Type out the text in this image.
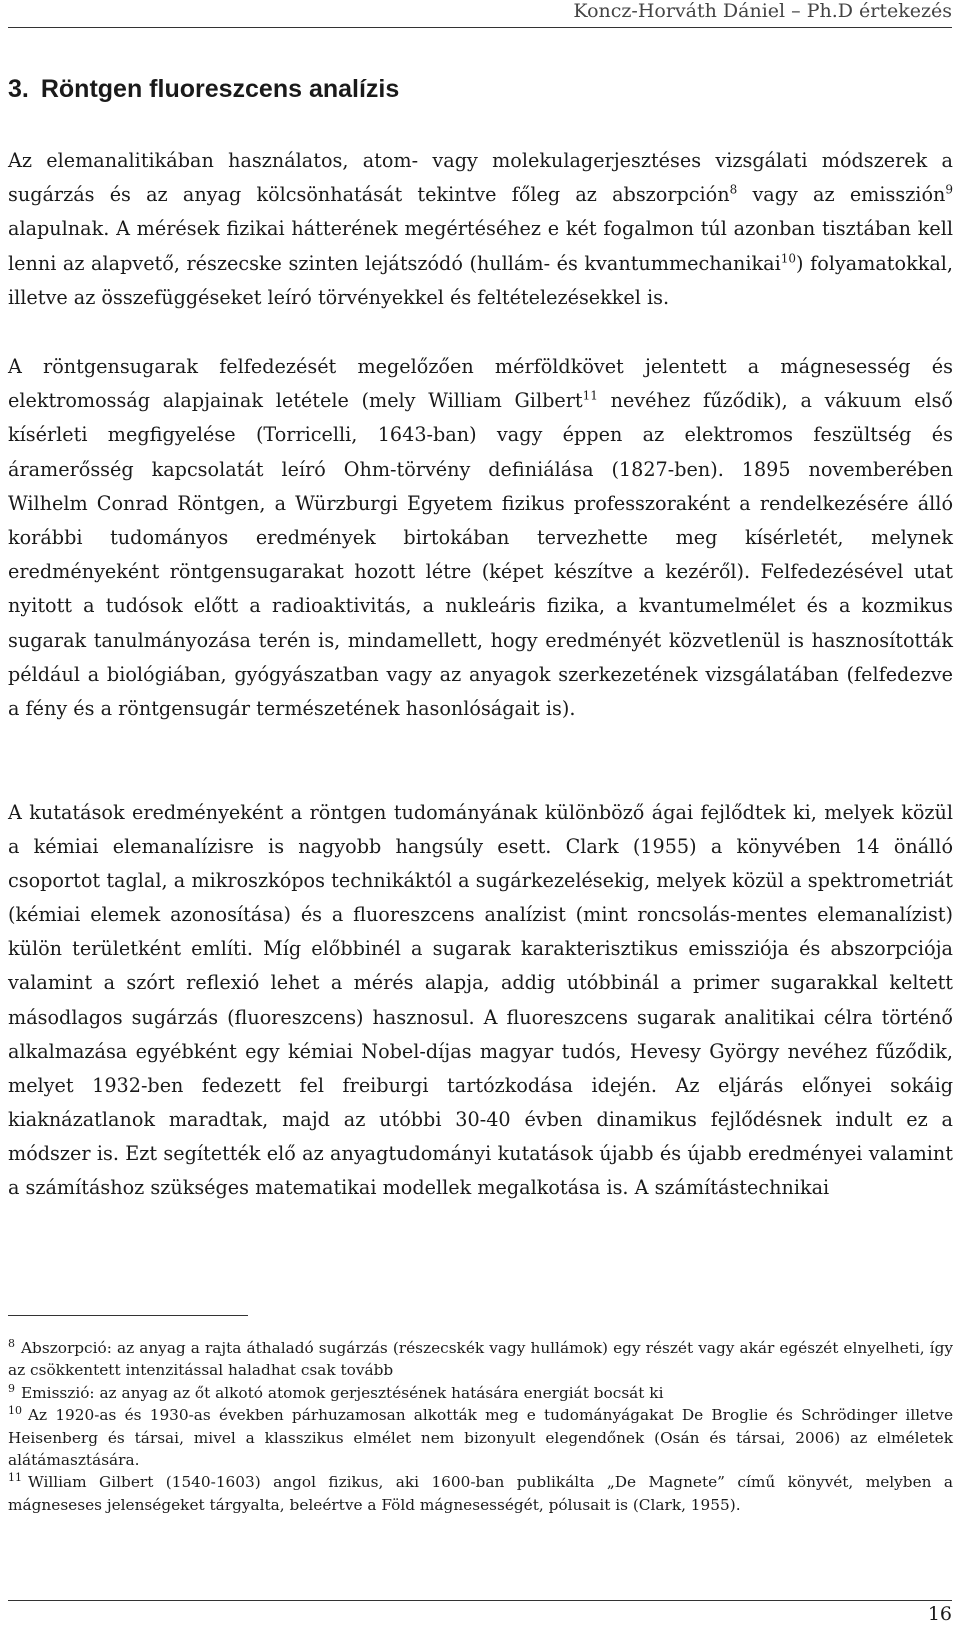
Koncz-Horváth Dániel – Ph.D értekezés
3. Röntgen fluoreszcens analízis

Az elemanalitikában használatos, atom- vagy molekulagerjesztéses vizsgálati módszerek a sugárzás és az anyag kölcsönhatását tekintve főleg az abszorpción$^8$ vagy az emisszión$^9$ alapulnak. A mérések fizikai hátterének megértéséhez e két fogalmon túl azonban tisztában kell lenni az alapvető, részecske szinten lejátszódó (hullám- és kvantummechanikai$^{10}$) folyamatokkal, illetve az összefüggéseket leíró törvényekkel és feltételezésekkel is.

A röntgensugarak felfedezését megelőzően mérföldkövet jelentett a mágnesesség és elektromosság alapjainak letétele (mely William Gilbert$^{11}$ nevéhez fűződik), a vákuum első kísérleti megfigyelése (Torricelli, 1643-ban) vagy éppen az elektromos feszültség és áramerősség kapcsolatát leíró Ohm-törvény definiálása (1827-ben). 1895 novemberében Wilhelm Conrad Röntgen, a Würzburgi Egyetem fizikus professzoraként a rendelkezésére álló korábbi tudományos eredmények birtokában tervezhette meg kísérletét, melynek eredményeként röntgensugarakat hozott létre (képet készítve a kezéről). Felfedezésével utat nyitott a tudósok előtt a radioaktivitás, a nukleáris fizika, a kvantumelmélet és a kozmikus sugarak tanulmányozása terén is, mindamellett, hogy eredményét közvetlenül is hasznosították például a biológiában, gyógyászatban vagy az anyagok szerkezetének vizsgálatában (felfedezve a fény és a röntgensugár természetének hasonlóságait is).

A kutatások eredményeként a röntgen tudományának különböző ágai fejlődtek ki, melyek közül a kémiai elemanalízisre is nagyobb hangsúly esett. Clark (1955) a könyvében 14 önálló csoportot taglal, a mikroszkópos technikáktól a sugárkezelésekig, melyek közül a spektrometriát (kémiai elemek azonosítása) és a fluoreszcens analízist (mint roncsolás-mentes elemanalízist) külön területként említi. Míg előbbinél a sugarak karakterisztikus emissziója és abszorpciója valamint a szórt reflexió lehet a mérés alapja, addig utóbbinál a primer sugarakkal keltett másodlagos sugárzás (fluoreszcens) hasznosul. A fluoreszcens sugarak analitikai célra történő alkalmazása egyébként egy kémiai Nobel-díjas magyar tudós, Hevesy György nevéhez fűződik, melyet 1932-ben fedezett fel freiburgi tartózkodása idején. Az eljárás előnyei sokáig kiaknázatlanok maradtak, majd az utóbbi 30-40 évben dinamikus fejlődésnek indult ez a módszer is. Ezt segítették elő az anyagtudományi kutatások újabb és újabb eredményei valamint a számításhoz szükséges matematikai modellek megalkotása is. A számítástechnikai

$^8$ Abszorpció: az anyag a rajta áthaladó sugárzás (részecskék vagy hullámok) egy részét vagy akár egészét elnyelheti, így az csökkentett intenzitással haladhat csak tovább

$^9$ Emisszió: az anyag az őt alkotó atomok gerjesztésének hatására energiát bocsát ki

$^{10}$ Az 1920-as és 1930-as években párhuzamosan alkották meg e tudományágakat De Broglie és Schrödinger illetve Heisenberg és társai, mivel a klasszikus elmélet nem bizonyult elegendőnek (Osán és társai, 2006) az elméletek alátámasztására.

$^{11}$ William Gilbert (1540-1603) angol fizikus, aki 1600-ban publikálta „De Magnete” című könyvét, melyben a mágneseses jelenségeket tárgyalta, beleértve a Föld mágnesességét, pólusait is (Clark, 1955).

16
